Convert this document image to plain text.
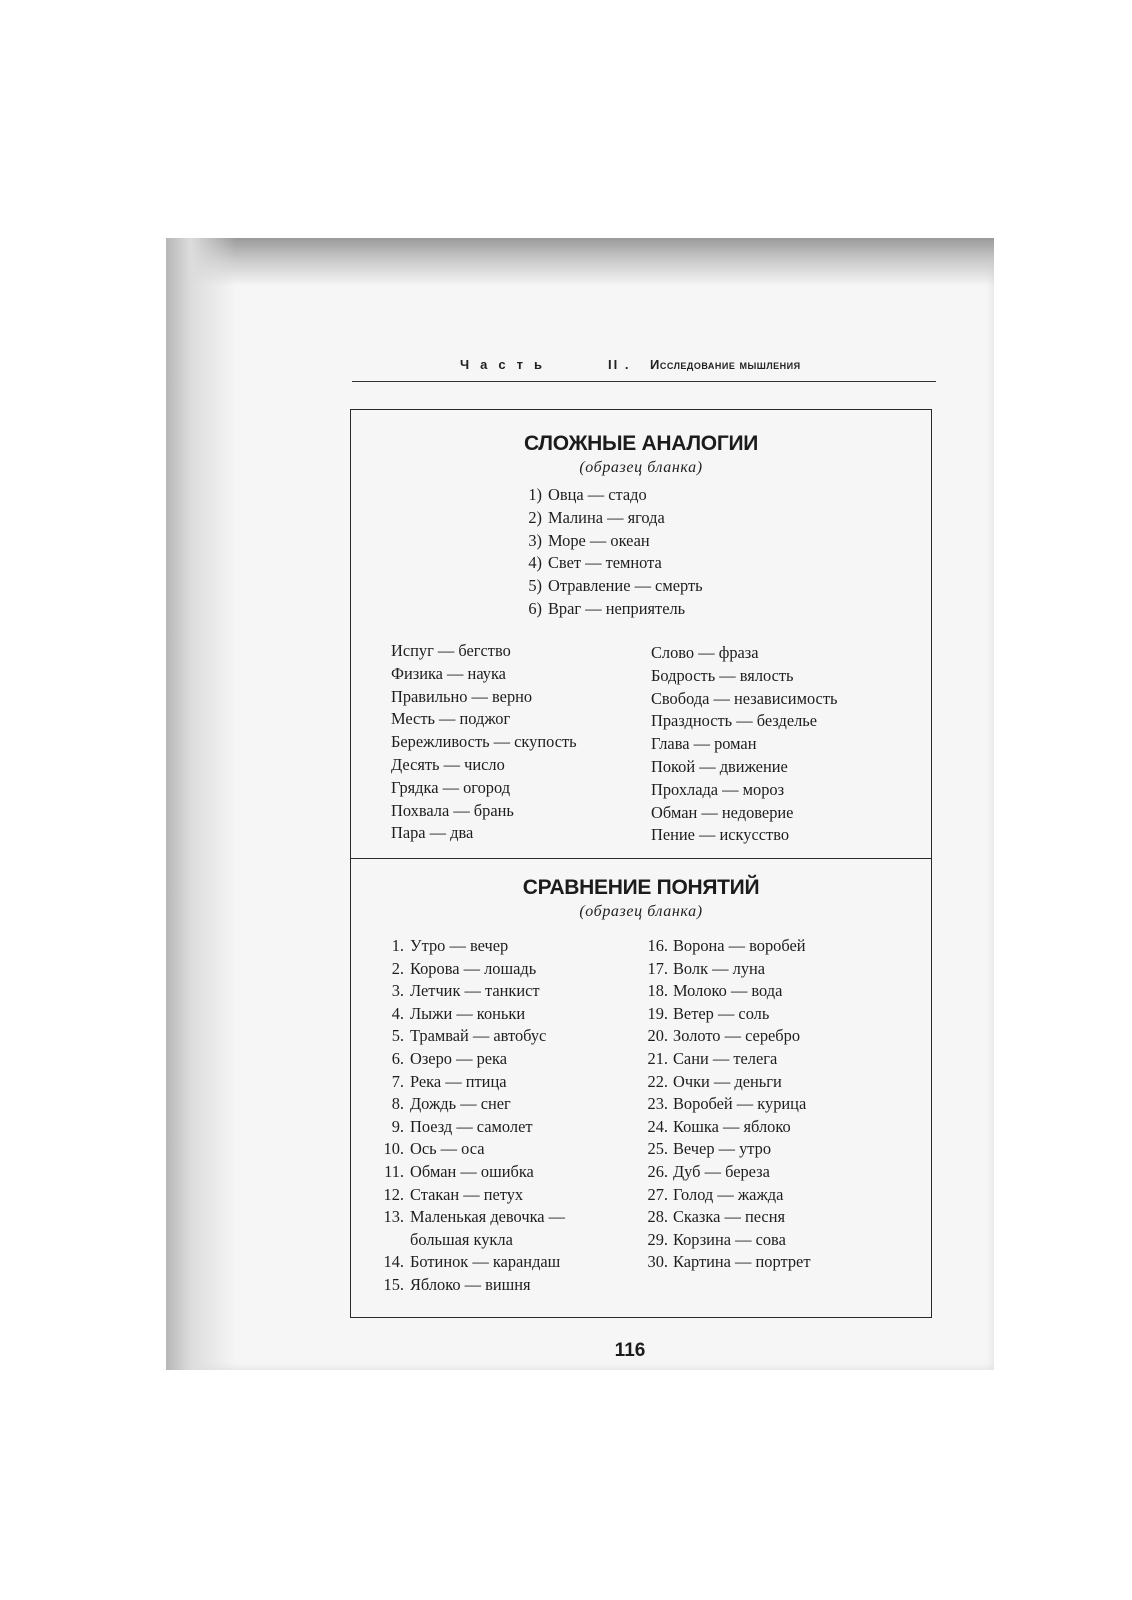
Часть	II . Исследование мышления
СЛОЖНЫЕ АНАЛОГИИ
(образец бланка)
1) Овца — стадо
2) Малина — ягода
3) Море — океан
4) Свет — темнота
5) Отравление — смерть
6) Враг — неприятель
Испуг — бегство
Физика — наука
Правильно — верно
Месть — поджог
Бережливость — скупость
Десять — число
Грядка — огород
Похвала — брань
Пара — два
Слово — фраза
Бодрость — вялость
Свобода — независимость
Праздность — безделье
Глава — роман
Покой — движение
Прохлада — мороз
Обман — недоверие
Пение — искусство
СРАВНЕНИЕ ПОНЯТИЙ
(образец бланка)
1. Утро — вечер
2. Корова — лошадь
3. Летчик — танкист
4. Лыжи — коньки
5. Трамвай — автобус
6. Озеро — река
7. Река — птица
8. Дождь — снег
9. Поезд — самолет
10. Ось — оса
11. Обман — ошибка
12. Стакан — петух
13. Маленькая девочка —
большая кукла
14. Ботинок — карандаш
15. Яблоко — вишня
16. Ворона — воробей
17. Волк — луна
18. Молоко — вода
19. Ветер — соль
20. Золото — серебро
21. Сани — телега
22. Очки — деньги
23. Воробей — курица
24. Кошка — яблоко
25. Вечер — утро
26. Дуб — береза
27. Голод — жажда
28. Сказка — песня
29. Корзина — сова
30. Картина — портрет
116
